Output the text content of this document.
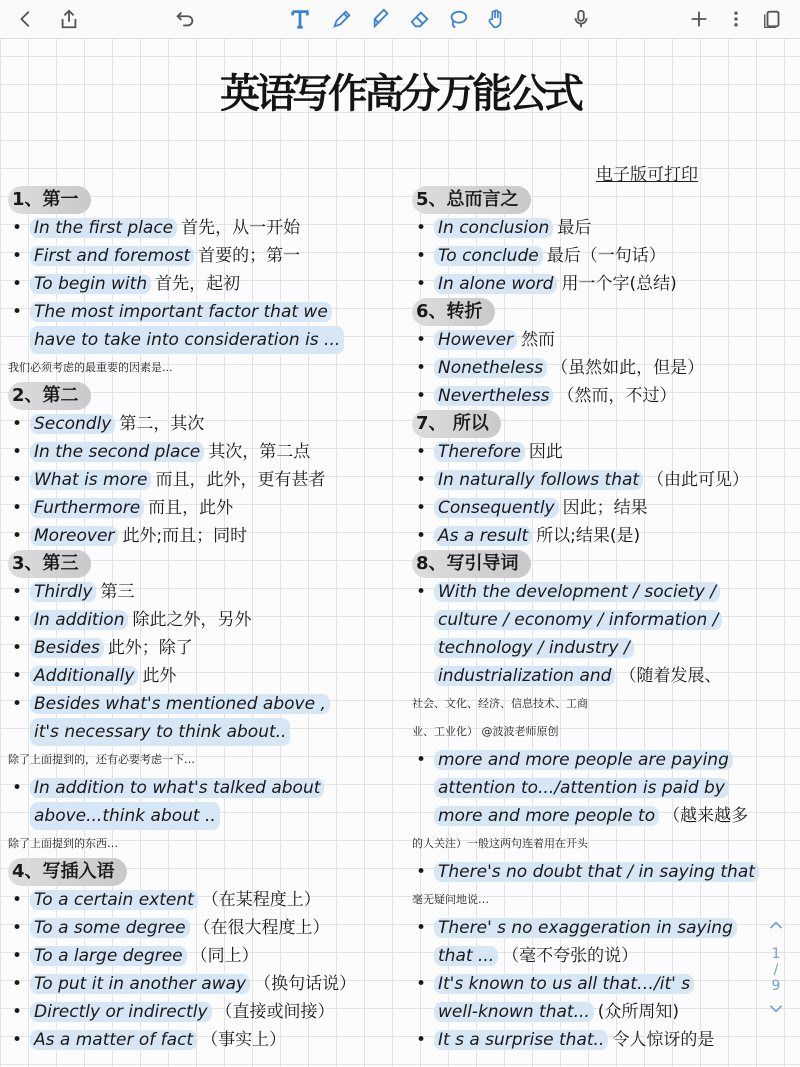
英语写作高分万能公式
电子版可打印
1、第一
• In the first place 首先，从一开始
• First and foremost 首要的；第一
• To begin with 首先，起初
• The most important factor that we
have to take into consideration is ...
我们必须考虑的最重要的因素是...
2、第二
• Secondly 第二，其次
• In the second place 其次，第二点
• What is more 而且，此外，更有甚者
• Furthermore 而且，此外
• Moreover 此外;而且；同时
3、第三
• Thirdly 第三
• In addition 除此之外，另外
• Besides 此外；除了
• Additionally 此外
• Besides what's mentioned above ,
it's necessary to think about..
除了上面提到的，还有必要考虑一下…
• In addition to what's talked about
above...think about ..
除了上面提到的东西…
4、写插入语
• To a certain extent （在某程度上）
• To a some degree （在很大程度上）
• To a large degree （同上）
• To put it in another away （换句话说）
• Directly or indirectly （直接或间接）
• As a matter of fact （事实上）
5、总而言之
• In conclusion 最后
• To conclude 最后（一句话）
• In alone word 用一个字(总结)
6、转折
• However 然而
• Nonetheless （虽然如此，但是）
• Nevertheless （然而，不过）
7、 所以
• Therefore 因此
• In naturally follows that （由此可见）
• Consequently 因此；结果
• As a result 所以;结果(是)
8、写引导词
• With the development / society /
culture / economy / information /
technology / industry /
industrialization and （随着发展、
社会、文化、经济、信息技术、工商
业、工业化） @波波老师原创
• more and more people are paying
attention to.../attention is paid by
more and more people to （越来越多
的人关注）一般这两句连着用在开头
• There's no doubt that / in saying that
毫无疑问地说…
• There' s no exaggeration in saying
that ... （毫不夸张的说）
• It's known to us all that…/it' s
well-known that... (众所周知)
• It s a surprise that.. 令人惊讶的是
1
/
9
